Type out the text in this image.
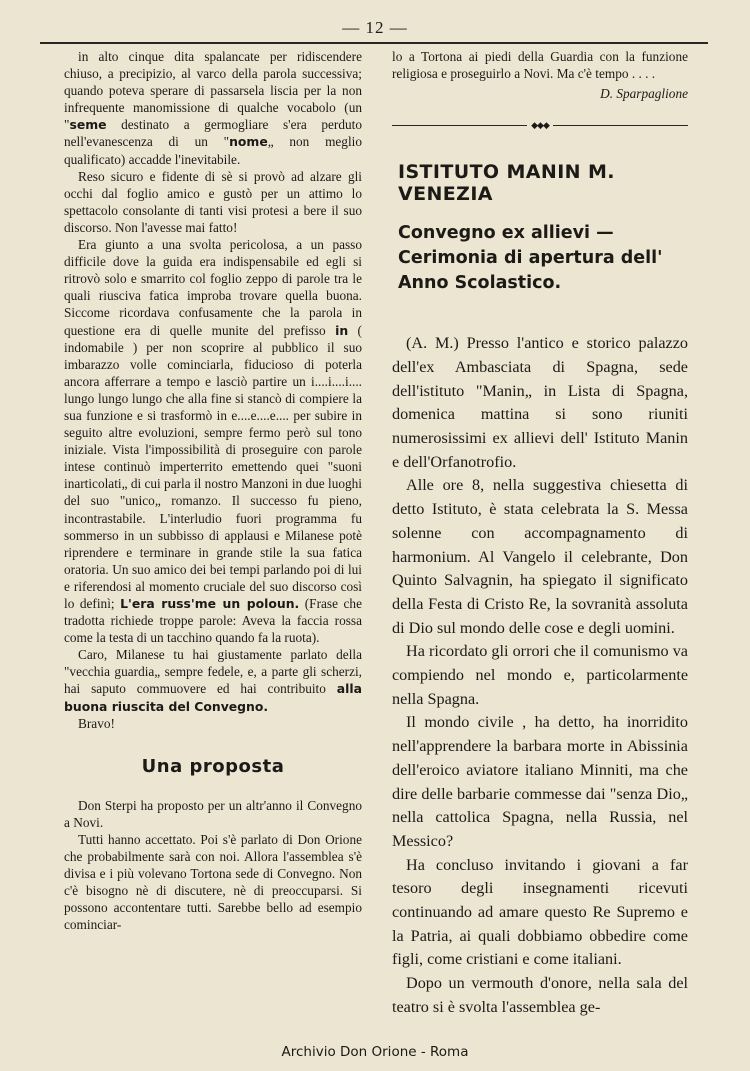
— 12 —

in alto cinque dita spalancate per ridiscendere chiuso, a precipizio, al varco della parola successiva; quando poteva sperare di passarsela liscia per la non infrequente manomissione di qualche vocabolo (un "seme destinato a germogliare s'era perduto nell'evanescenza di un "nome„ non meglio qualificato) accadde l'inevitabile.

Reso sicuro e fidente di sè si provò ad alzare gli occhi dal foglio amico e gustò per un attimo lo spettacolo consolante di tanti visi protesi a bere il suo discorso. Non l'avesse mai fatto!

Era giunto a una svolta pericolosa, a un passo difficile dove la guida era indispensabile ed egli si ritrovò solo e smarrito col foglio zeppo di parole tra le quali riusciva fatica improba trovare quella buona. Siccome ricordava confusamente che la parola in questione era di quelle munite del prefisso in ( indomabile ) per non scoprire al pubblico il suo imbarazzo volle cominciarla, fiducioso di poterla ancora afferrare a tempo e lasciò partire un i....i....i.... lungo lungo lungo che alla fine si stancò di compiere la sua funzione e si trasformò in e....e....e.... per subire in seguito altre evoluzioni, sempre fermo però sul tono iniziale. Vista l'impossibilità di proseguire con parole intese continuò imperterrito emettendo quei "suoni inarticolati„ di cui parla il nostro Manzoni in due luoghi del suo "unico„ romanzo. Il successo fu pieno, incontrastabile. L'interludio fuori programma fu sommerso in un subbisso di applausi e Milanese potè riprendere e terminare in grande stile la sua fatica oratoria. Un suo amico dei bei tempi parlando poi di lui e riferendosi al momento cruciale del suo discorso così lo definì; L'era russ'me un poloun. (Frase che tradotta richiede troppe parole: Aveva la faccia rossa come la testa di un tacchino quando fa la ruota).

Caro, Milanese tu hai giustamente parlato della "vecchia guardia„ sempre fedele, e, a parte gli scherzi, hai saputo commuovere ed hai contribuito alla buona riuscita del Convegno.

Bravo!

Una proposta

Don Sterpi ha proposto per un altr'anno il Convegno a Novi.

Tutti hanno accettato. Poi s'è parlato di Don Orione che probabilmente sarà con noi. Allora l'assemblea s'è divisa e i più volevano Tortona sede di Convegno. Non c'è bisogno nè di discutere, nè di preoccuparsi. Si possono accontentare tutti. Sarebbe bello ad esempio cominciar-

lo a Tortona ai piedi della Guardia con la funzione religiosa e proseguirlo a Novi. Ma c'è tempo . . . .

D. Sparpaglione
◆◆◆
ISTITUTO MANIN M. VENEZIA
Convegno ex allievi — Cerimonia di apertura dell' Anno Scolastico.

(A. M.) Presso l'antico e storico palazzo dell'ex Ambasciata di Spagna, sede dell'istituto "Manin„ in Lista di Spagna, domenica mattina si sono riuniti numerosissimi ex allievi dell' Istituto Manin e dell'Orfanotrofio.

Alle ore 8, nella suggestiva chiesetta di detto Istituto, è stata celebrata la S. Messa solenne con accompagnamento di harmonium. Al Vangelo il celebrante, Don Quinto Salvagnin, ha spiegato il significato della Festa di Cristo Re, la sovranità assoluta di Dio sul mondo delle cose e degli uomini.

Ha ricordato gli orrori che il comunismo va compiendo nel mondo e, particolarmente nella Spagna.

Il mondo civile , ha detto, ha inorridito nell'apprendere la barbara morte in Abissinia dell'eroico aviatore italiano Minniti, ma che dire delle barbarie commesse dai "senza Dio„ nella cattolica Spagna, nella Russia, nel Messico?

Ha concluso invitando i giovani a far tesoro degli insegnamenti ricevuti continuando ad amare questo Re Supremo e la Patria, ai quali dobbiamo obbedire come figli, come cristiani e come italiani.

Dopo un vermouth d'onore, nella sala del teatro si è svolta l'assemblea ge-

Archivio Don Orione - Roma
